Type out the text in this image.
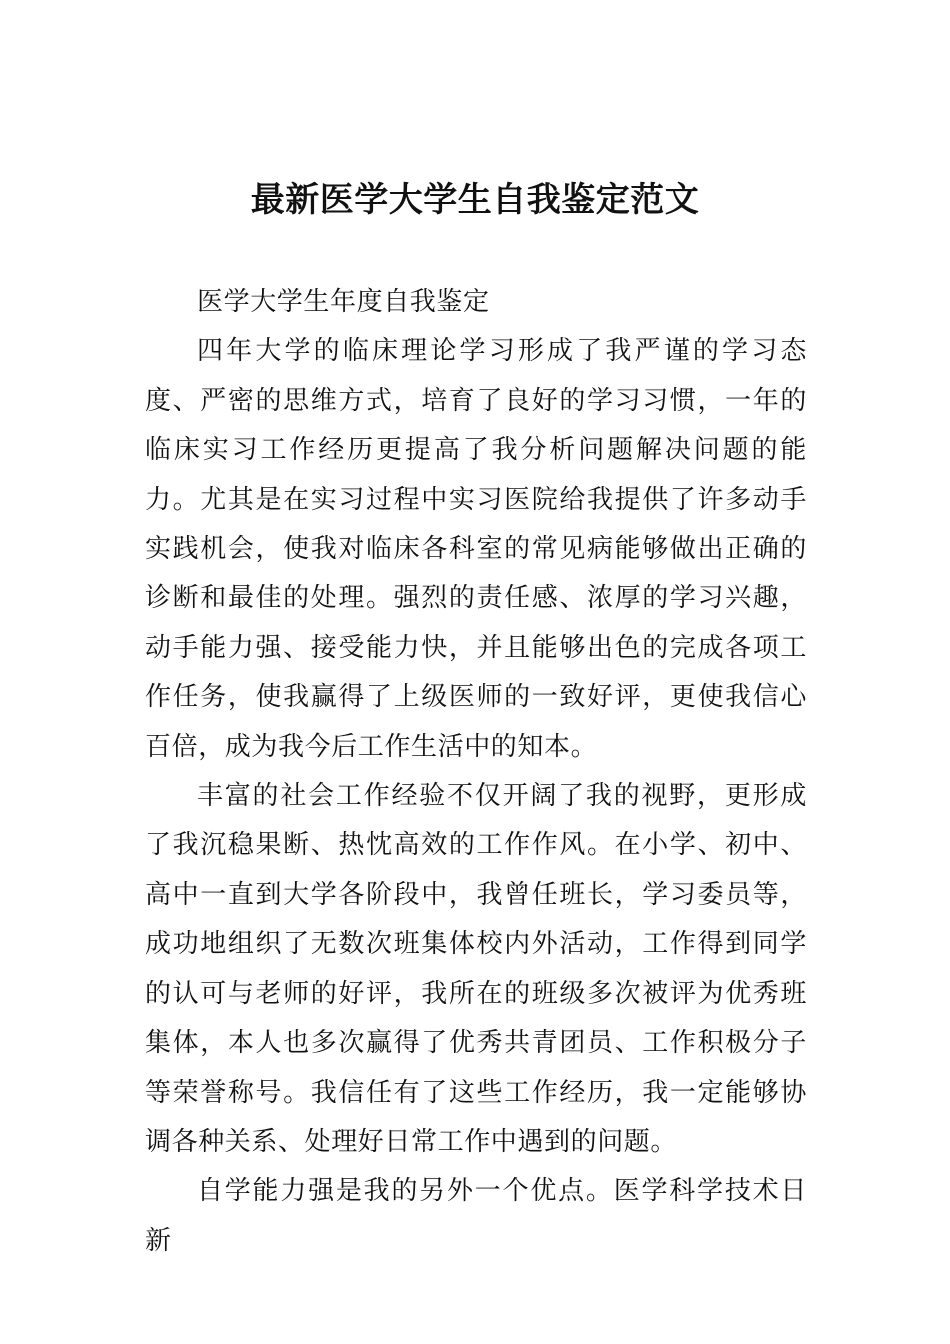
最新医学大学生自我鉴定范文

医学大学生年度自我鉴定

四年大学的临床理论学习形成了我严谨的学习态度、严密的思维方式，培育了良好的学习习惯，一年的临床实习工作经历更提高了我分析问题解决问题的能力。尤其是在实习过程中实习医院给我提供了许多动手实践机会，使我对临床各科室的常见病能够做出正确的诊断和最佳的处理。强烈的责任感、浓厚的学习兴趣，动手能力强、接受能力快，并且能够出色的完成各项工作任务，使我赢得了上级医师的一致好评，更使我信心百倍，成为我今后工作生活中的知本。

丰富的社会工作经验不仅开阔了我的视野，更形成了我沉稳果断、热忱高效的工作作风。在小学、初中、高中一直到大学各阶段中，我曾任班长，学习委员等，成功地组织了无数次班集体校内外活动，工作得到同学的认可与老师的好评，我所在的班级多次被评为优秀班集体，本人也多次赢得了优秀共青团员、工作积极分子等荣誉称号。我信任有了这些工作经历，我一定能够协调各种关系、处理好日常工作中遇到的问题。

自学能力强是我的另外一个优点。医学科学技术日新
